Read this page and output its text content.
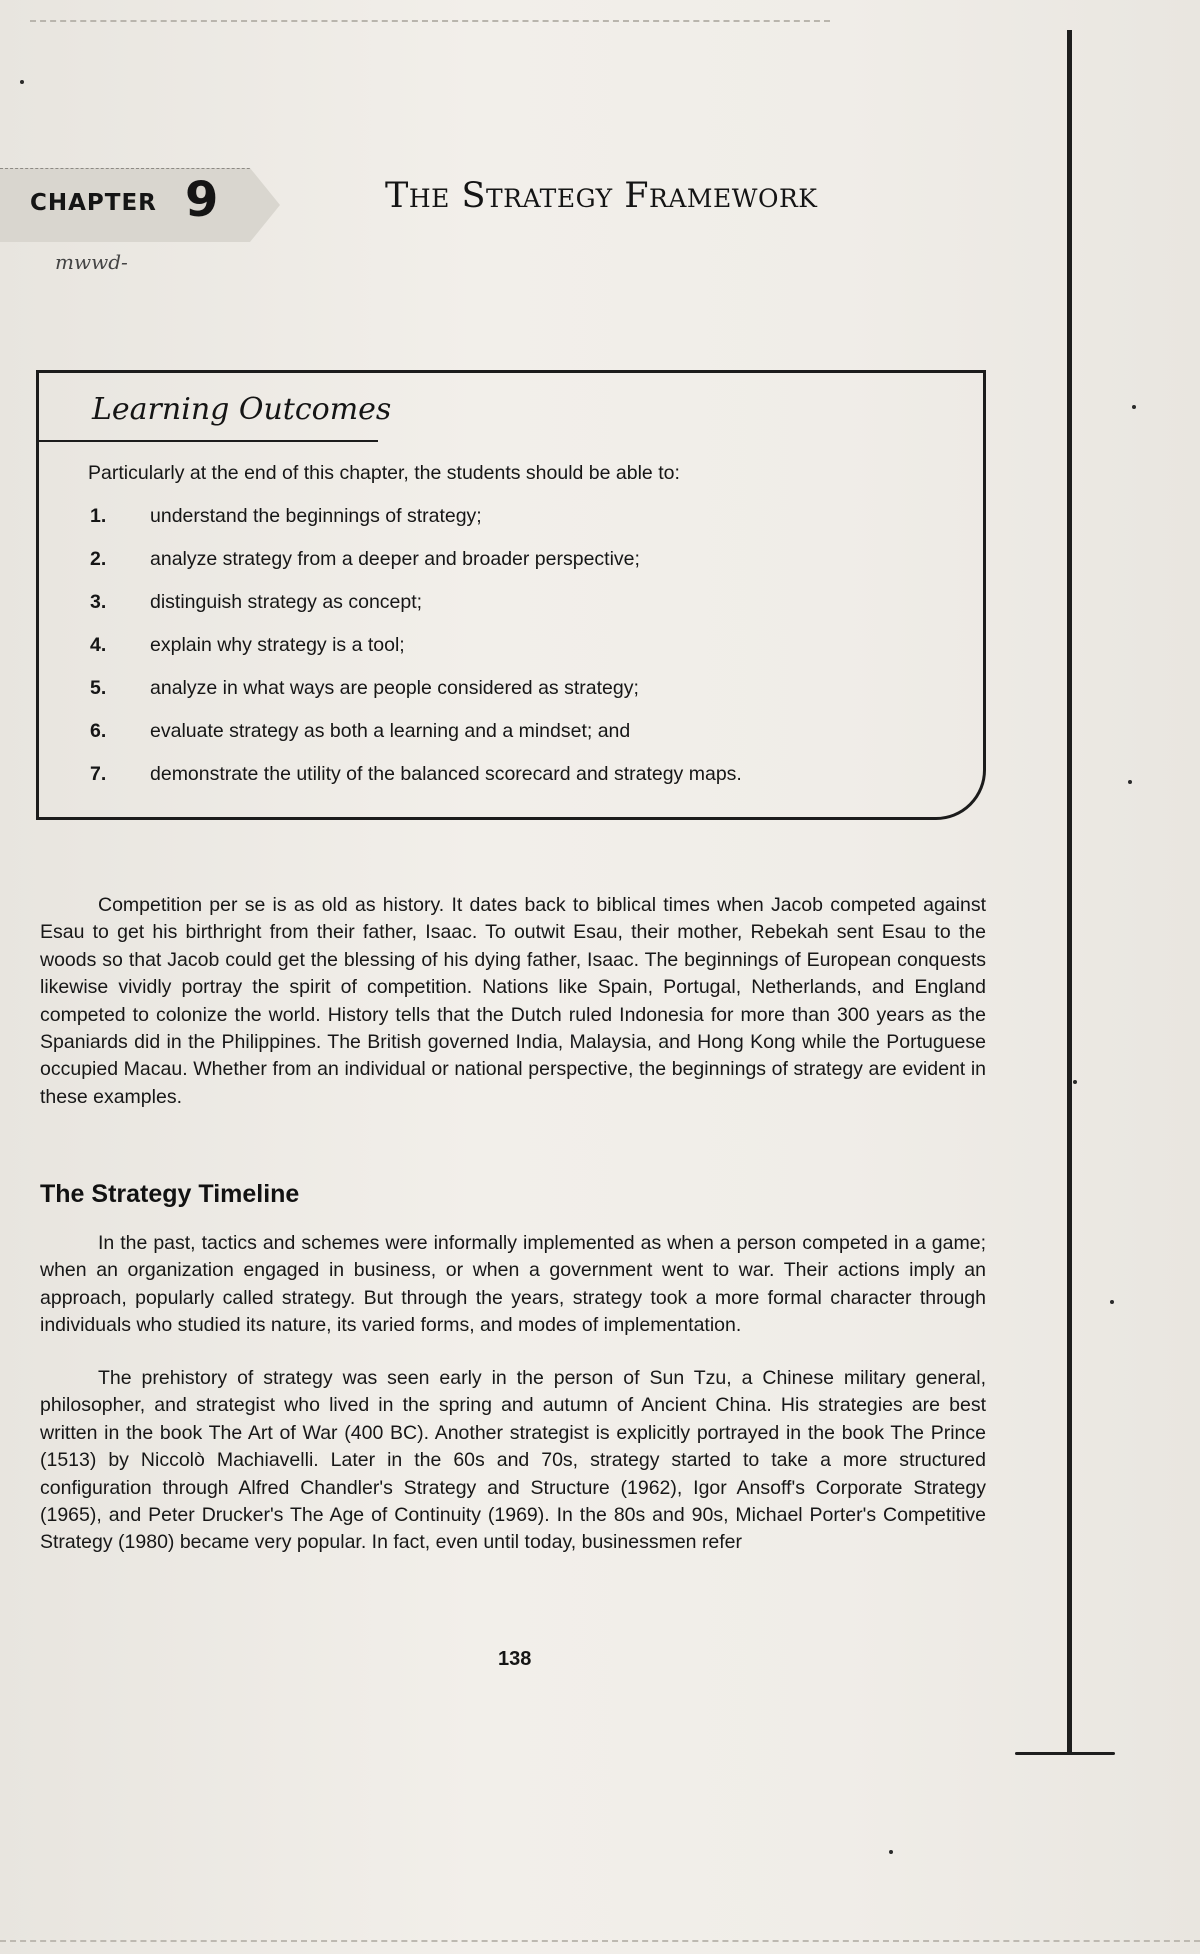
CHAPTER 9	The Strategy Framework
mwwd-
Learning Outcomes
Particularly at the end of this chapter, the students should be able to:
1. understand the beginnings of strategy;
2. analyze strategy from a deeper and broader perspective;
3. distinguish strategy as concept;
4. explain why strategy is a tool;
5. analyze in what ways are people considered as strategy;
6. evaluate strategy as both a learning and a mindset; and
7. demonstrate the utility of the balanced scorecard and strategy maps.

Competition per se is as old as history. It dates back to biblical times when Jacob competed against Esau to get his birthright from their father, Isaac. To outwit Esau, their mother, Rebekah sent Esau to the woods so that Jacob could get the blessing of his dying father, Isaac. The beginnings of European conquests likewise vividly portray the spirit of competition. Nations like Spain, Portugal, Netherlands, and England competed to colonize the world. History tells that the Dutch ruled Indonesia for more than 300 years as the Spaniards did in the Philippines. The British governed India, Malaysia, and Hong Kong while the Portuguese occupied Macau. Whether from an individual or national perspective, the beginnings of strategy are evident in these examples.

The Strategy Timeline

In the past, tactics and schemes were informally implemented as when a person competed in a game; when an organization engaged in business, or when a government went to war. Their actions imply an approach, popularly called strategy. But through the years, strategy took a more formal character through individuals who studied its nature, its varied forms, and modes of implementation.

The prehistory of strategy was seen early in the person of Sun Tzu, a Chinese military general, philosopher, and strategist who lived in the spring and autumn of Ancient China. His strategies are best written in the book The Art of War (400 BC). Another strategist is explicitly portrayed in the book The Prince (1513) by Niccolò Machiavelli. Later in the 60s and 70s, strategy started to take a more structured configuration through Alfred Chandler's Strategy and Structure (1962), Igor Ansoff's Corporate Strategy (1965), and Peter Drucker's The Age of Continuity (1969). In the 80s and 90s, Michael Porter's Competitive Strategy (1980) became very popular. In fact, even until today, businessmen refer

138
